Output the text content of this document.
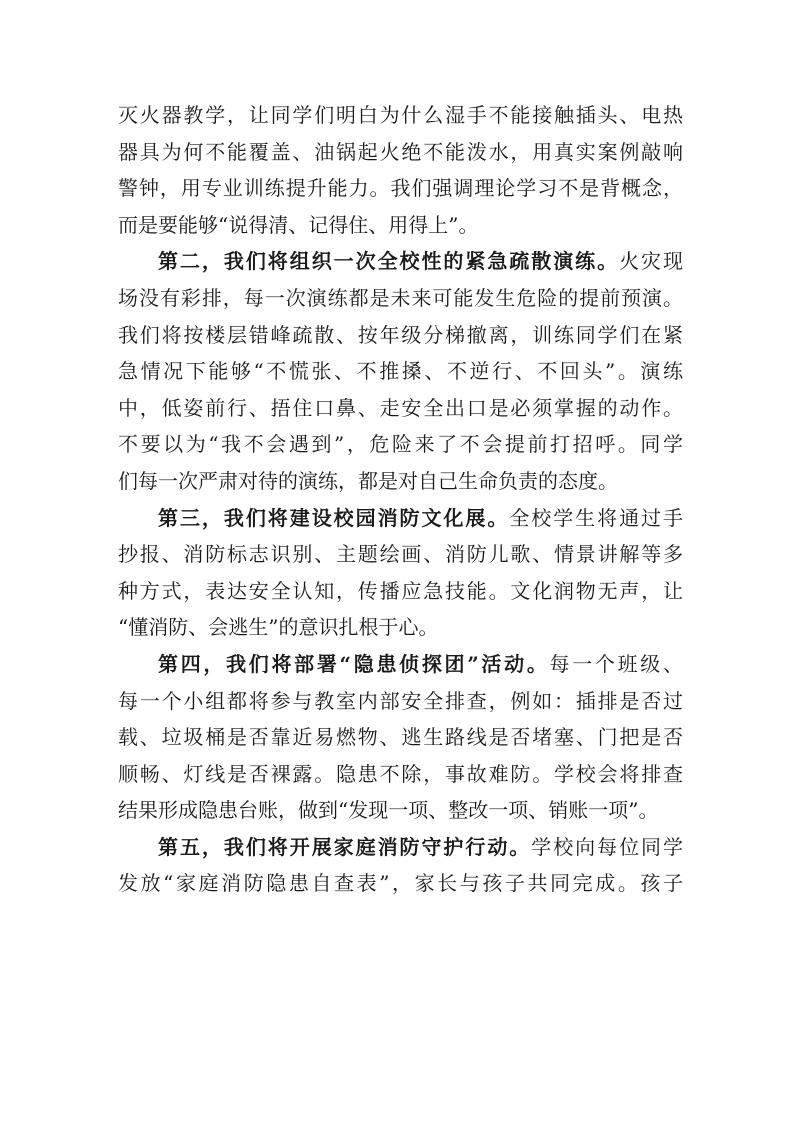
灭火器教学，让同学们明白为什么湿手不能接触插头、电热
器具为何不能覆盖、油锅起火绝不能泼水，用真实案例敲响
警钟，用专业训练提升能力。我们强调理论学习不是背概念，
而是要能够“说得清、记得住、用得上”。
第二，我们将组织一次全校性的紧急疏散演练。火灾现
场没有彩排，每一次演练都是未来可能发生危险的提前预演。
我们将按楼层错峰疏散、按年级分梯撤离，训练同学们在紧
急情况下能够“不慌张、不推搡、不逆行、不回头”。演练
中，低姿前行、捂住口鼻、走安全出口是必须掌握的动作。
不要以为“我不会遇到”，危险来了不会提前打招呼。同学
们每一次严肃对待的演练，都是对自己生命负责的态度。
第三，我们将建设校园消防文化展。全校学生将通过手
抄报、消防标志识别、主题绘画、消防儿歌、情景讲解等多
种方式，表达安全认知，传播应急技能。文化润物无声，让
“懂消防、会逃生”的意识扎根于心。
第四，我们将部署“隐患侦探团”活动。每一个班级、
每一个小组都将参与教室内部安全排查，例如：插排是否过
载、垃圾桶是否靠近易燃物、逃生路线是否堵塞、门把是否
顺畅、灯线是否裸露。隐患不除，事故难防。学校会将排查
结果形成隐患台账，做到“发现一项、整改一项、销账一项”。
第五，我们将开展家庭消防守护行动。学校向每位同学
发放“家庭消防隐患自查表”，家长与孩子共同完成。孩子
